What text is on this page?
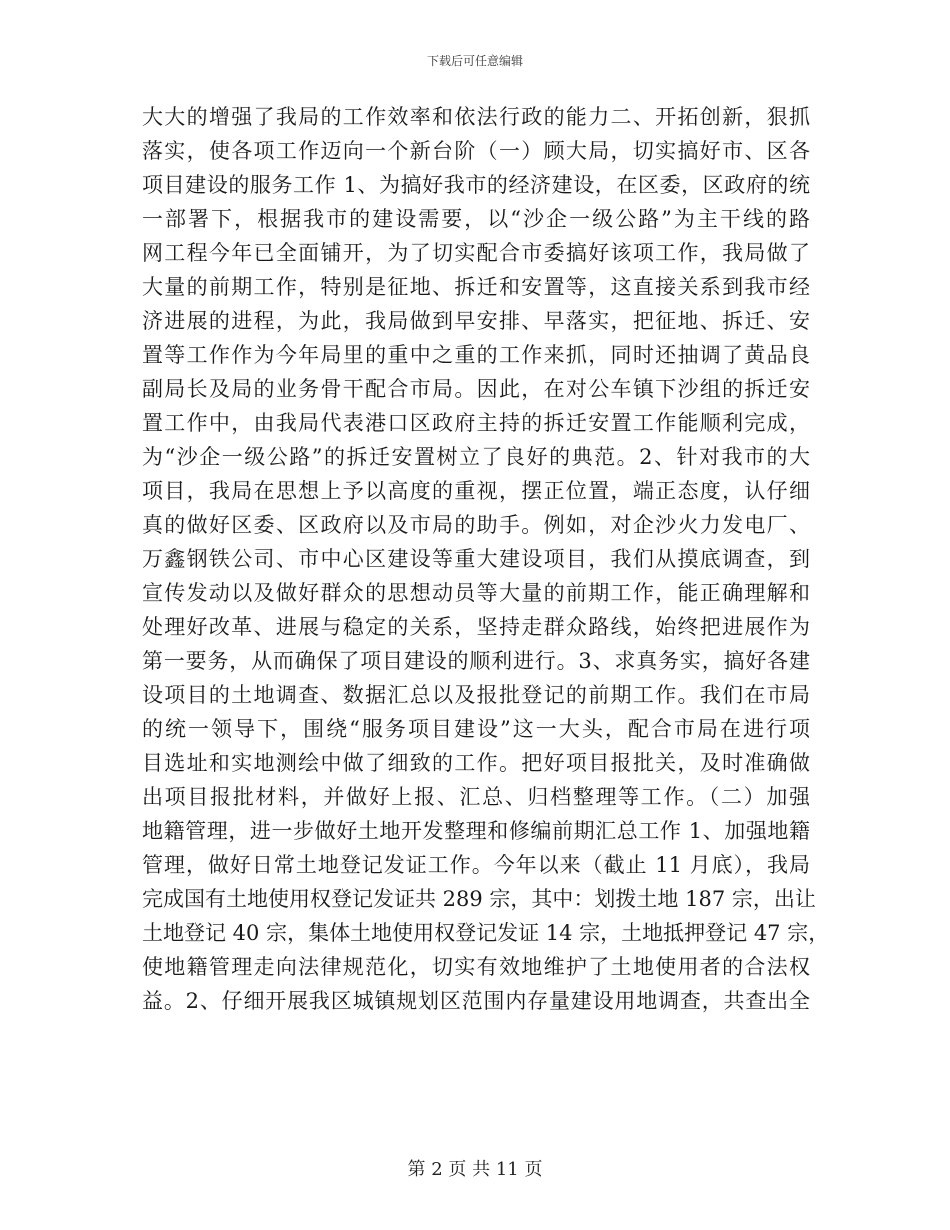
下载后可任意编辑
大大的增强了我局的工作效率和依法行政的能力二、开拓创新，狠抓
落实，使各项工作迈向一个新台阶（一）顾大局，切实搞好市、区各
项目建设的服务工作 1、为搞好我市的经济建设，在区委，区政府的统
一部署下，根据我市的建设需要，以“沙企一级公路”为主干线的路
网工程今年已全面铺开，为了切实配合市委搞好该项工作，我局做了
大量的前期工作，特别是征地、拆迁和安置等，这直接关系到我市经
济进展的进程，为此，我局做到早安排、早落实，把征地、拆迁、安
置等工作作为今年局里的重中之重的工作来抓，同时还抽调了黄品良
副局长及局的业务骨干配合市局。因此，在对公车镇下沙组的拆迁安
置工作中，由我局代表港口区政府主持的拆迁安置工作能顺利完成，
为“沙企一级公路”的拆迁安置树立了良好的典范。2、针对我市的大
项目，我局在思想上予以高度的重视，摆正位置，端正态度，认仔细
真的做好区委、区政府以及市局的助手。例如，对企沙火力发电厂、
万鑫钢铁公司、市中心区建设等重大建设项目，我们从摸底调查，到
宣传发动以及做好群众的思想动员等大量的前期工作，能正确理解和
处理好改革、进展与稳定的关系，坚持走群众路线，始终把进展作为
第一要务，从而确保了项目建设的顺利进行。3、求真务实，搞好各建
设项目的土地调查、数据汇总以及报批登记的前期工作。我们在市局
的统一领导下，围绕“服务项目建设”这一大头，配合市局在进行项
目选址和实地测绘中做了细致的工作。把好项目报批关，及时准确做
出项目报批材料，并做好上报、汇总、归档整理等工作。（二）加强
地籍管理，进一步做好土地开发整理和修编前期汇总工作 1、加强地籍
管理，做好日常土地登记发证工作。今年以来（截止 11 月底），我局
完成国有土地使用权登记发证共 289 宗，其中：划拨土地 187 宗，出让
土地登记 40 宗，集体土地使用权登记发证 14 宗，土地抵押登记 47 宗，
使地籍管理走向法律规范化，切实有效地维护了土地使用者的合法权
益。2、仔细开展我区城镇规划区范围内存量建设用地调查，共查出全
第 2 页 共 11 页
